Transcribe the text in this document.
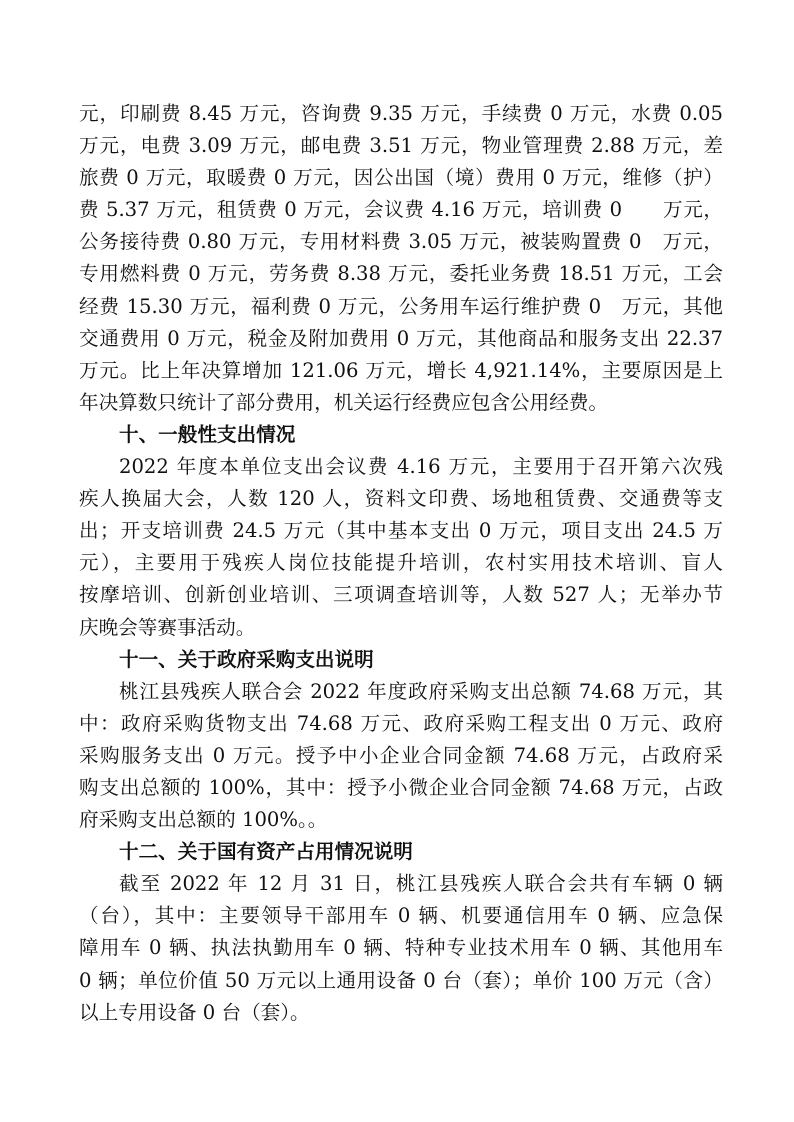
元，印刷费 8.45 万元，咨询费 9.35 万元，手续费 0 万元，水费 0.05
万元，电费 3.09 万元，邮电费 3.51 万元，物业管理费 2.88 万元，差
旅费 0 万元，取暖费 0 万元，因公出国（境）费用 0 万元，维修（护）
费 5.37 万元，租赁费 0 万元，会议费 4.16 万元，培训费 0　　万元，
公务接待费 0.80 万元，专用材料费 3.05 万元，被装购置费 0　万元，
专用燃料费 0 万元，劳务费 8.38 万元，委托业务费 18.51 万元，工会
经费 15.30 万元，福利费 0 万元，公务用车运行维护费 0　万元，其他
交通费用 0 万元，税金及附加费用 0 万元，其他商品和服务支出 22.37
万元。比上年决算增加 121.06 万元，增长 4,921.14%，主要原因是上
年决算数只统计了部分费用，机关运行经费应包含公用经费。
十、一般性支出情况
2022 年度本单位支出会议费 4.16 万元，主要用于召开第六次残
疾人换届大会，人数 120 人，资料文印费、场地租赁费、交通费等支
出；开支培训费 24.5 万元（其中基本支出 0 万元，项目支出 24.5 万
元），主要用于残疾人岗位技能提升培训，农村实用技术培训、盲人
按摩培训、创新创业培训、三项调查培训等，人数 527 人；无举办节
庆晚会等赛事活动。
十一、关于政府采购支出说明
桃江县残疾人联合会 2022 年度政府采购支出总额 74.68 万元，其
中：政府采购货物支出 74.68 万元、政府采购工程支出 0 万元、政府
采购服务支出 0 万元。授予中小企业合同金额 74.68 万元，占政府采
购支出总额的 100%，其中：授予小微企业合同金额 74.68 万元，占政
府采购支出总额的 100%。。
十二、关于国有资产占用情况说明
截至 2022 年 12 月 31 日，桃江县残疾人联合会共有车辆 0 辆
（台），其中：主要领导干部用车 0 辆、机要通信用车 0 辆、应急保
障用车 0 辆、执法执勤用车 0 辆、特种专业技术用车 0 辆、其他用车
0 辆；单位价值 50 万元以上通用设备 0 台（套）；单价 100 万元（含）
以上专用设备 0 台（套）。
